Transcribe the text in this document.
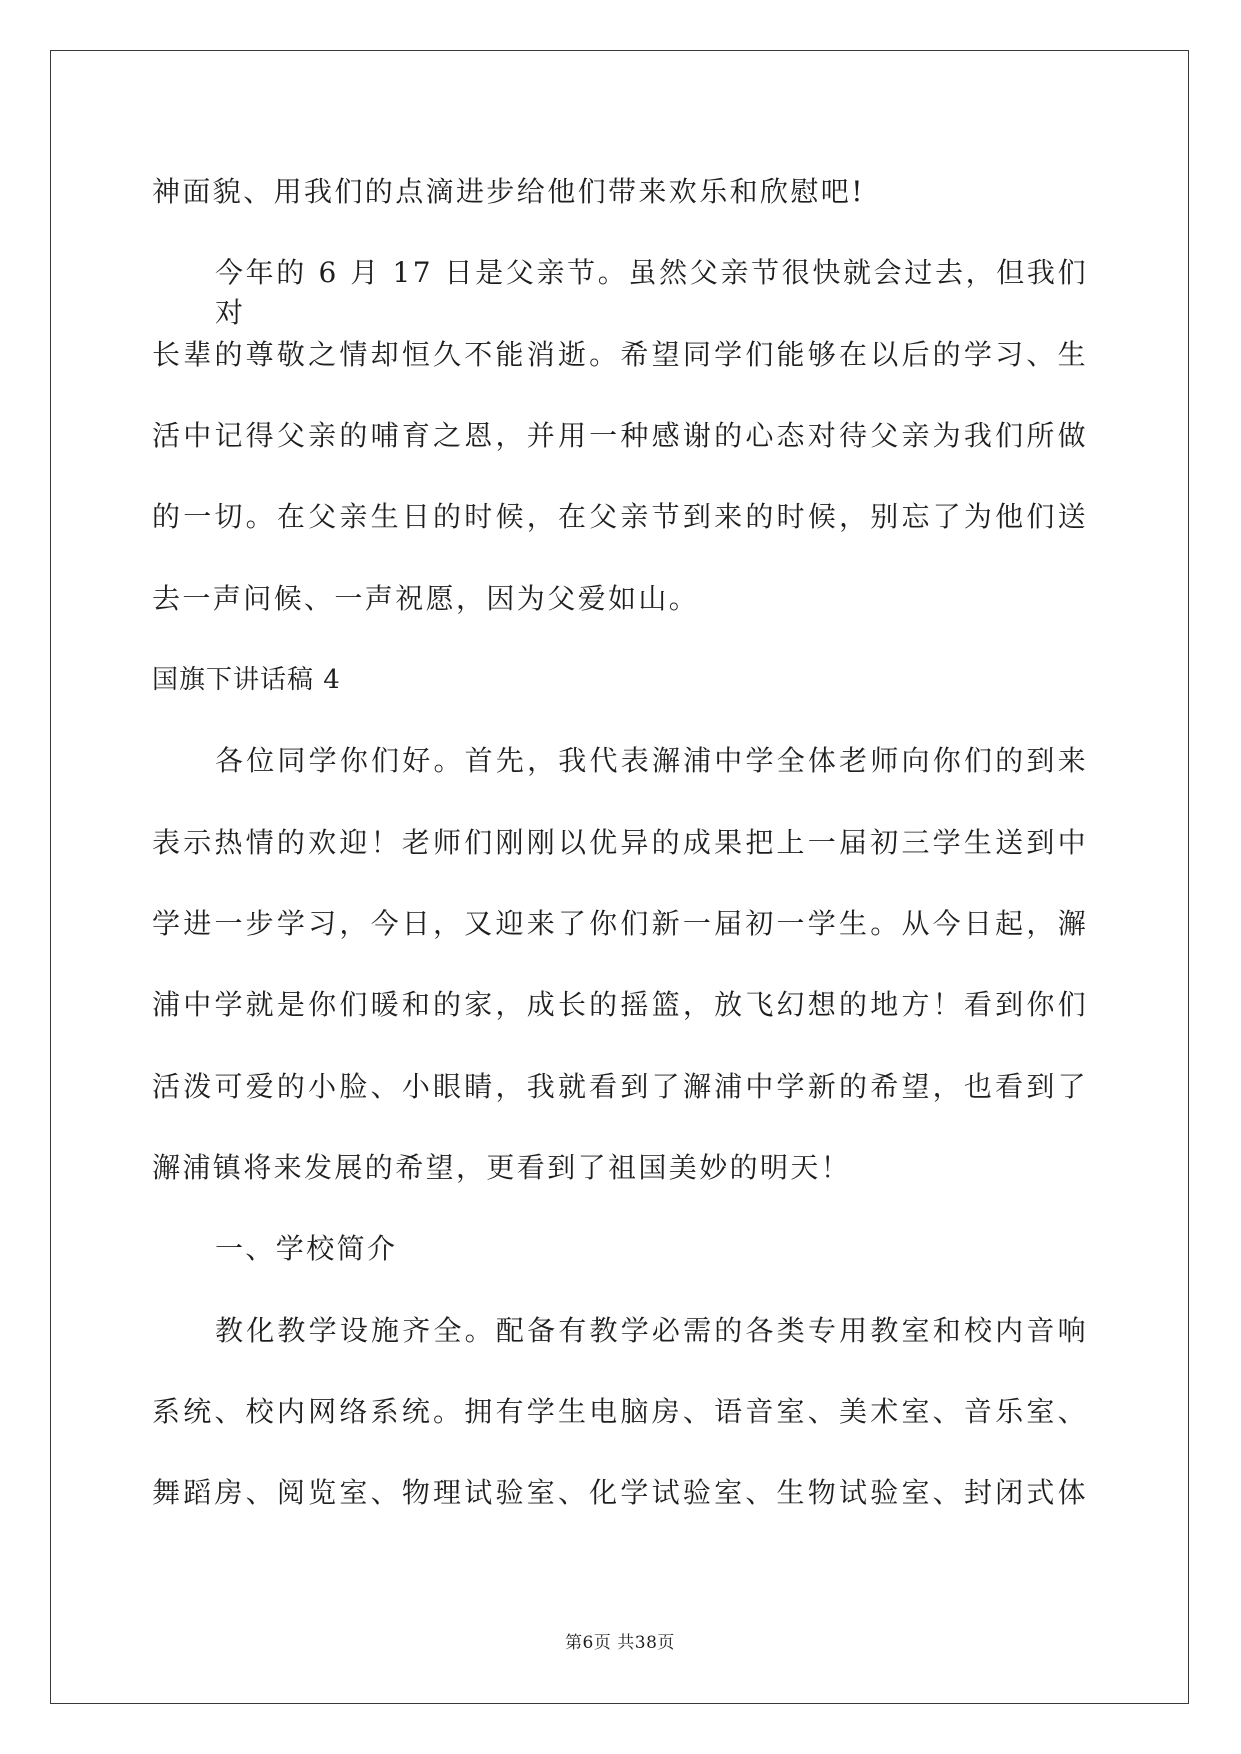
神面貌、用我们的点滴进步给他们带来欢乐和欣慰吧!
今年的 6 月 17 日是父亲节。虽然父亲节很快就会过去，但我们对
长辈的尊敬之情却恒久不能消逝。希望同学们能够在以后的学习、生
活中记得父亲的哺育之恩，并用一种感谢的心态对待父亲为我们所做
的一切。在父亲生日的时候，在父亲节到来的时候，别忘了为他们送
去一声问候、一声祝愿，因为父爱如山。
国旗下讲话稿 4
各位同学你们好。首先，我代表澥浦中学全体老师向你们的到来
表示热情的欢迎！老师们刚刚以优异的成果把上一届初三学生送到中
学进一步学习，今日，又迎来了你们新一届初一学生。从今日起，澥
浦中学就是你们暖和的家，成长的摇篮，放飞幻想的地方！看到你们
活泼可爱的小脸、小眼睛，我就看到了澥浦中学新的希望，也看到了
澥浦镇将来发展的希望，更看到了祖国美妙的明天！
一、学校简介
教化教学设施齐全。配备有教学必需的各类专用教室和校内音响
系统、校内网络系统。拥有学生电脑房、语音室、美术室、音乐室、
舞蹈房、阅览室、物理试验室、化学试验室、生物试验室、封闭式体
第6页 共38页
